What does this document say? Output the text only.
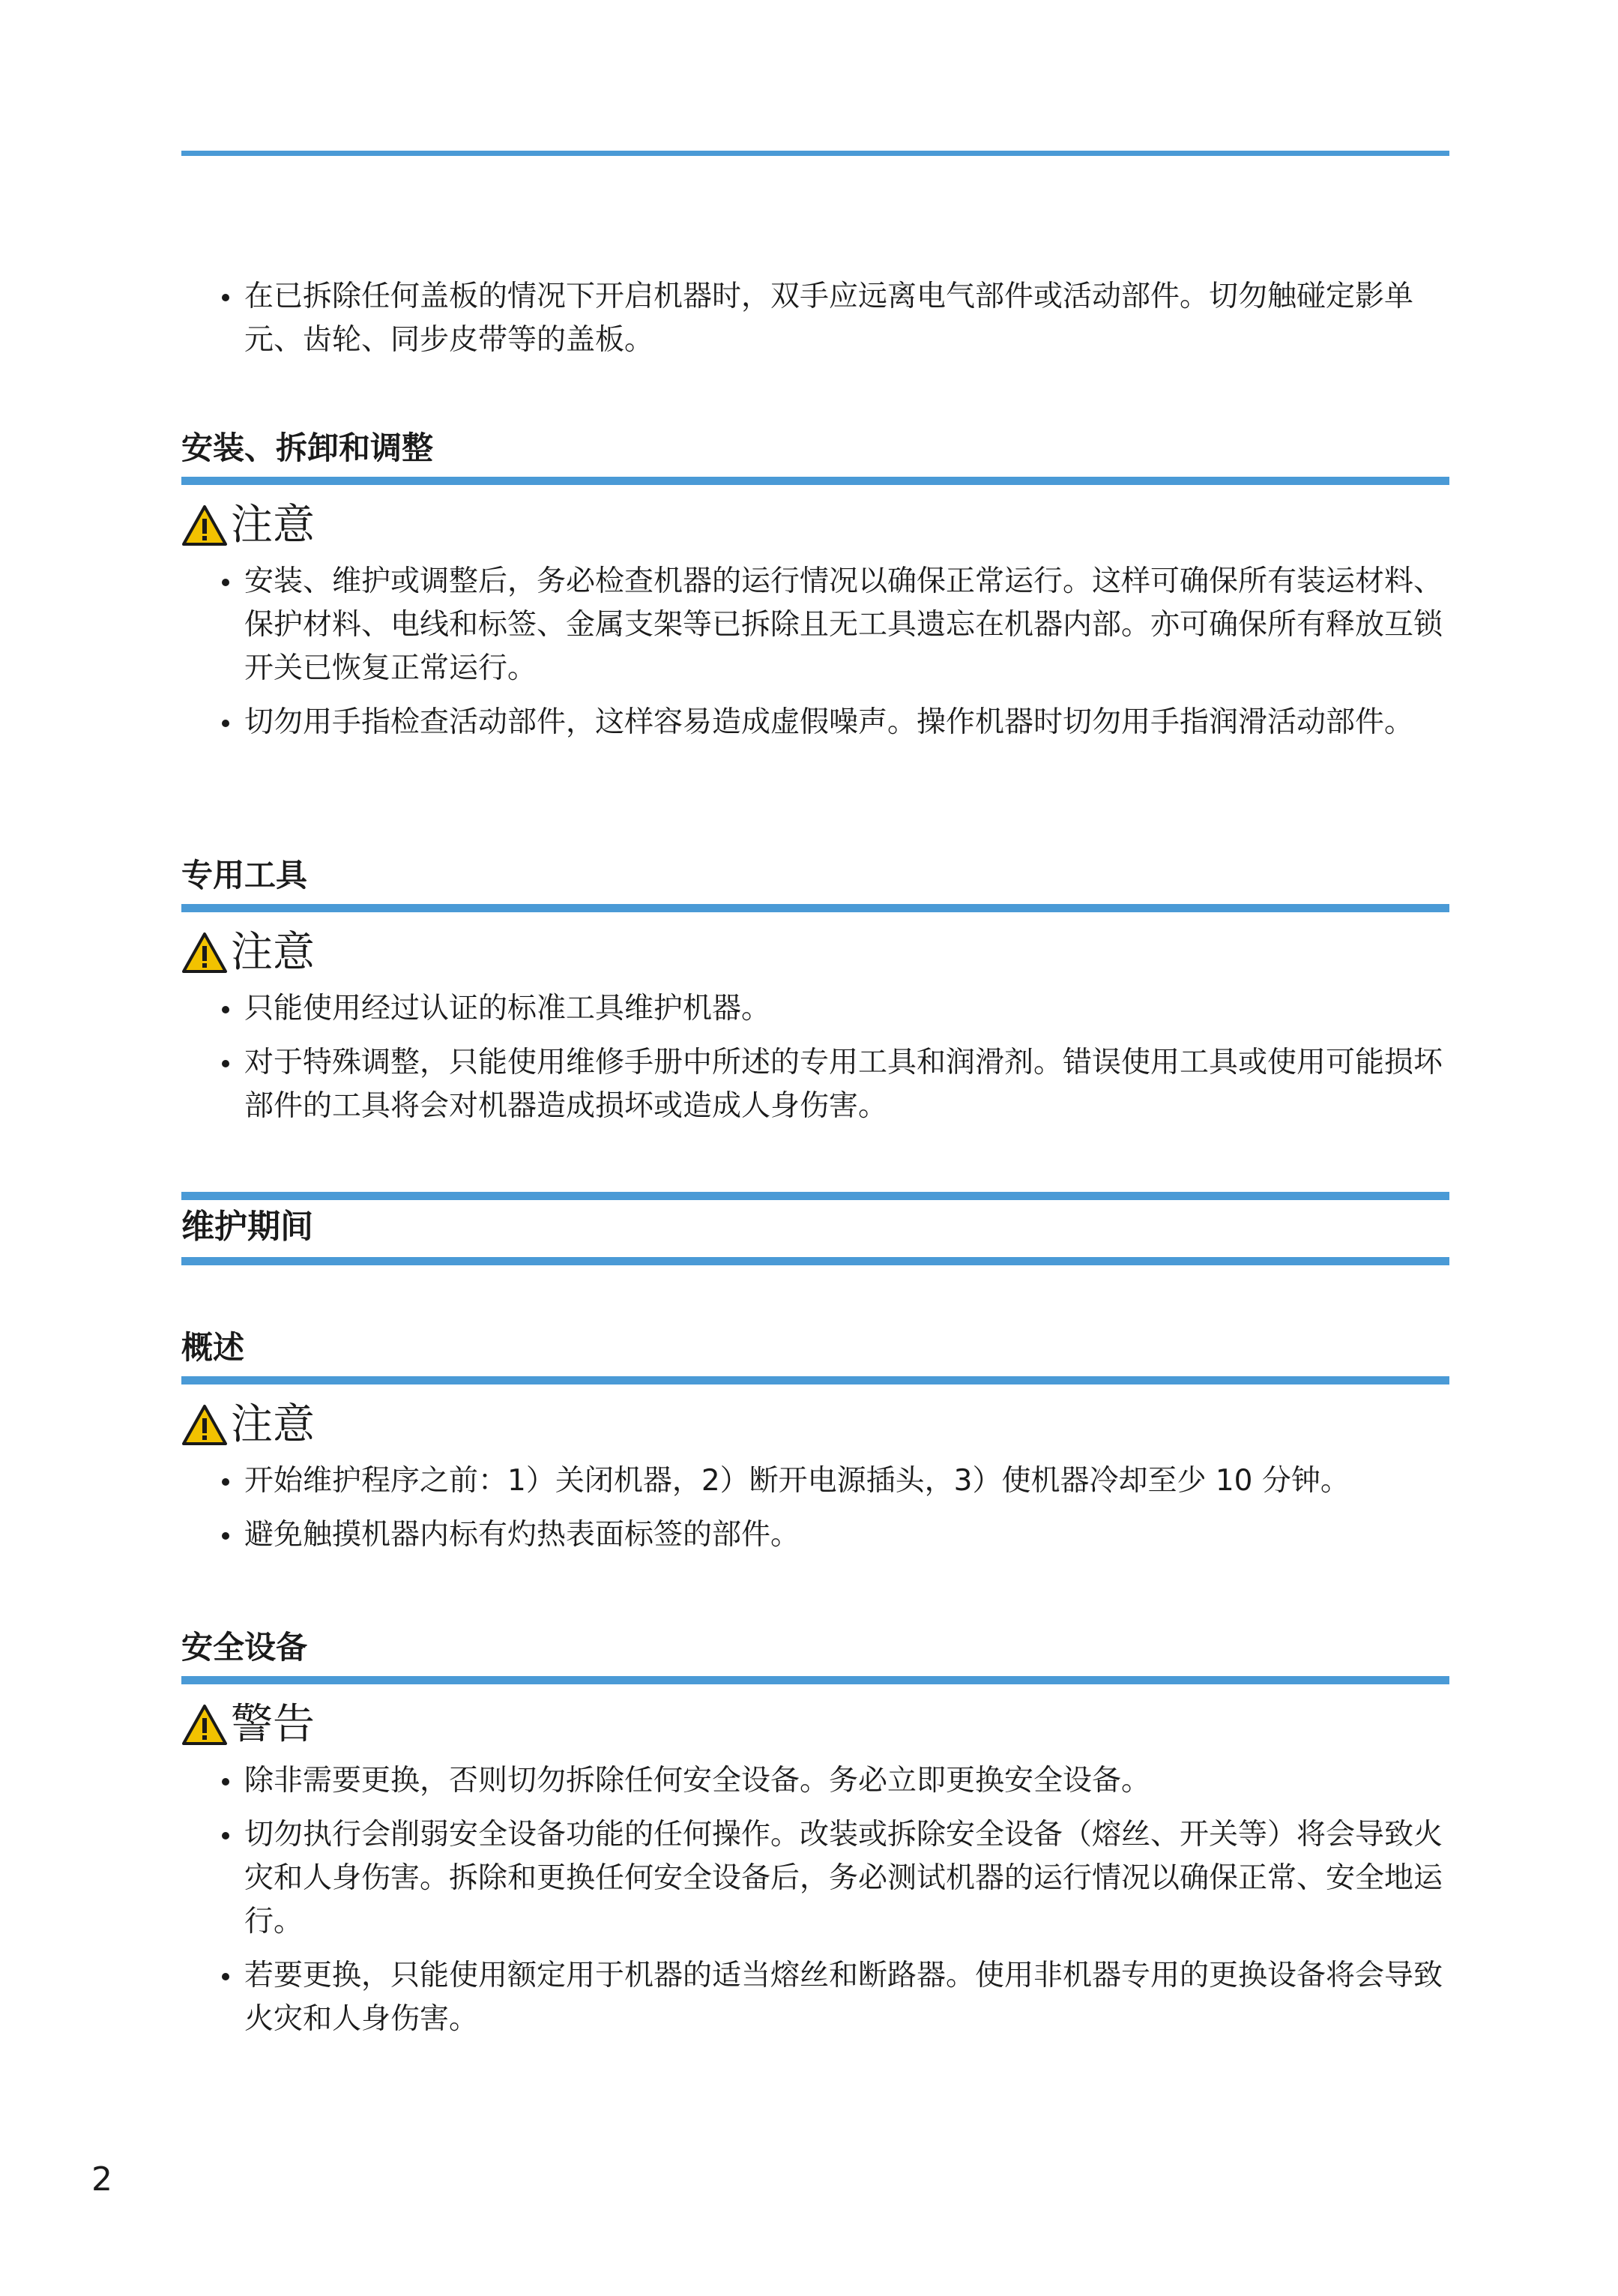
在已拆除任何盖板的情况下开启机器时，双手应远离电气部件或活动部件。切勿触碰定影单元、齿轮、同步皮带等的盖板。
安装、拆卸和调整
注意
安装、维护或调整后，务必检查机器的运行情况以确保正常运行。这样可确保所有装运材料、保护材料、电线和标签、金属支架等已拆除且无工具遗忘在机器内部。亦可确保所有释放互锁开关已恢复正常运行。
切勿用手指检查活动部件，这样容易造成虚假噪声。操作机器时切勿用手指润滑活动部件。
专用工具
注意
只能使用经过认证的标准工具维护机器。
对于特殊调整，只能使用维修手册中所述的专用工具和润滑剂。错误使用工具或使用可能损坏部件的工具将会对机器造成损坏或造成人身伤害。
维护期间
概述
注意
开始维护程序之前：1）关闭机器，2）断开电源插头，3）使机器冷却至少 10 分钟。
避免触摸机器内标有灼热表面标签的部件。
安全设备
警告
除非需要更换，否则切勿拆除任何安全设备。务必立即更换安全设备。
切勿执行会削弱安全设备功能的任何操作。改装或拆除安全设备（熔丝、开关等）将会导致火灾和人身伤害。拆除和更换任何安全设备后，务必测试机器的运行情况以确保正常、安全地运行。
若要更换，只能使用额定用于机器的适当熔丝和断路器。使用非机器专用的更换设备将会导致火灾和人身伤害。
2
